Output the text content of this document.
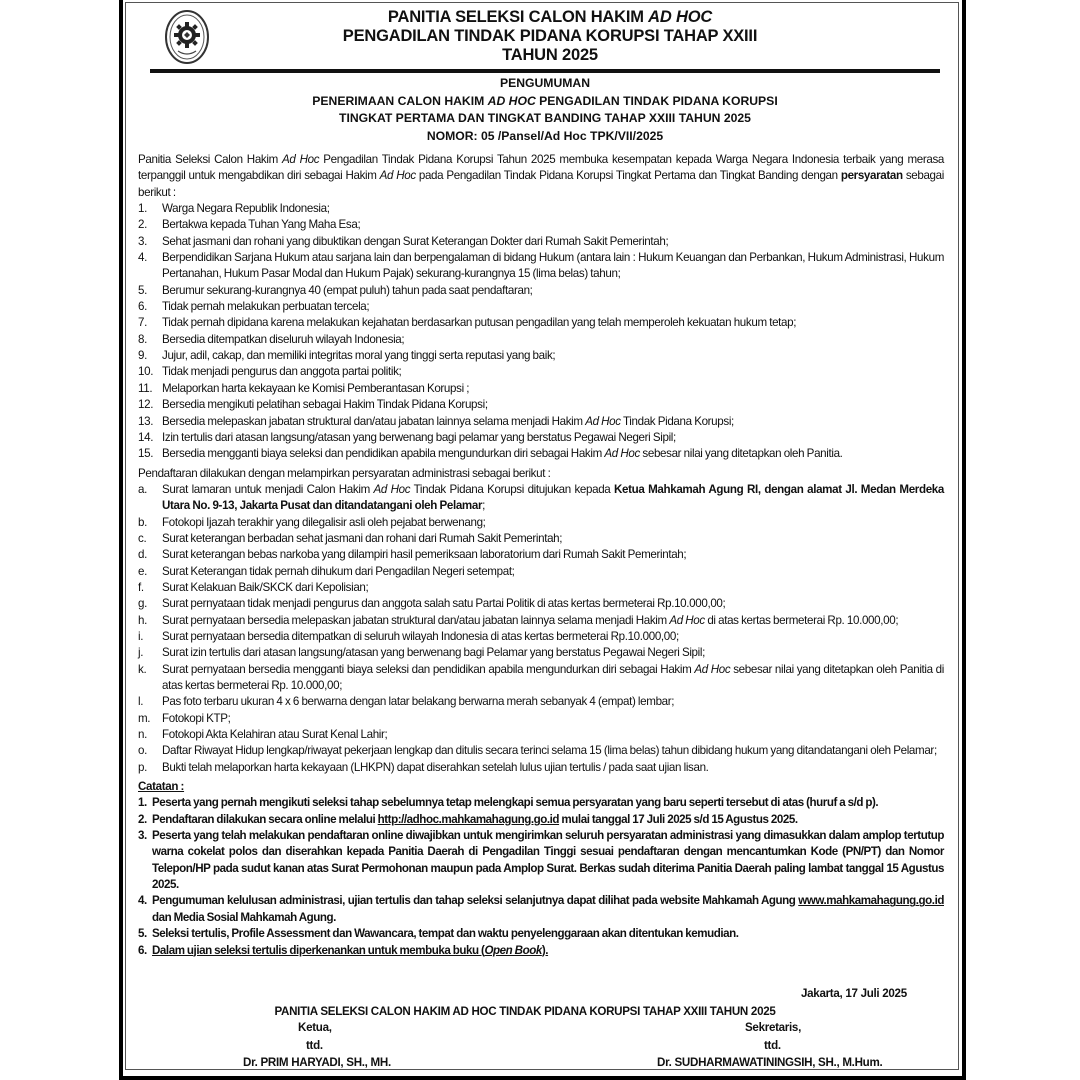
PANITIA SELEKSI CALON HAKIM AD HOC
PENGADILAN TINDAK PIDANA KORUPSI TAHAP XXIII
TAHUN 2025
PENGUMUMAN
PENERIMAAN CALON HAKIM AD HOC PENGADILAN TINDAK PIDANA KORUPSI
TINGKAT PERTAMA DAN TINGKAT BANDING TAHAP XXIII TAHUN 2025
NOMOR: 05 /Pansel/Ad Hoc TPK/VII/2025

Panitia Seleksi Calon Hakim Ad Hoc Pengadilan Tindak Pidana Korupsi Tahun 2025 membuka kesempatan kepada Warga Negara Indonesia terbaik yang merasa terpanggil untuk mengabdikan diri sebagai Hakim Ad Hoc pada Pengadilan Tindak Pidana Korupsi Tingkat Pertama dan Tingkat Banding dengan persyaratan sebagai berikut :

1.	Warga Negara Republik Indonesia;
2.	Bertakwa kepada Tuhan Yang Maha Esa;
3.	Sehat jasmani dan rohani yang dibuktikan dengan Surat Keterangan Dokter dari Rumah Sakit Pemerintah;
4.	Berpendidikan Sarjana Hukum atau sarjana lain dan berpengalaman di bidang Hukum (antara lain : Hukum Keuangan dan Perbankan, Hukum Administrasi, Hukum Pertanahan, Hukum Pasar Modal dan Hukum Pajak) sekurang-kurangnya 15 (lima belas) tahun;
5.	Berumur sekurang-kurangnya 40 (empat puluh) tahun pada saat pendaftaran;
6.	Tidak pernah melakukan perbuatan tercela;
7.	Tidak pernah dipidana karena melakukan kejahatan berdasarkan putusan pengadilan yang telah memperoleh kekuatan hukum tetap;
8.	Bersedia ditempatkan diseluruh wilayah Indonesia;
9.	Jujur, adil, cakap, dan memiliki integritas moral yang tinggi serta reputasi yang baik;
10. Tidak menjadi pengurus dan anggota partai politik;
11. Melaporkan harta kekayaan ke Komisi Pemberantasan Korupsi ;
12. Bersedia mengikuti pelatihan sebagai Hakim Tindak Pidana Korupsi;
13. Bersedia melepaskan jabatan struktural dan/atau jabatan lainnya selama menjadi Hakim Ad Hoc Tindak Pidana Korupsi;
14. Izin tertulis dari atasan langsung/atasan yang berwenang bagi pelamar yang berstatus Pegawai Negeri Sipil;
15. Bersedia mengganti biaya seleksi dan pendidikan apabila mengundurkan diri sebagai Hakim Ad Hoc sebesar nilai yang ditetapkan oleh Panitia.

Pendaftaran dilakukan dengan melampirkan persyaratan administrasi sebagai berikut :

a.	Surat lamaran untuk menjadi Calon Hakim Ad Hoc Tindak Pidana Korupsi ditujukan kepada Ketua Mahkamah Agung RI, dengan alamat Jl. Medan Merdeka Utara No. 9-13, Jakarta Pusat dan ditandatangani oleh Pelamar;
b.	Fotokopi Ijazah terakhir yang dilegalisir asli oleh pejabat berwenang;
c.	Surat keterangan berbadan sehat jasmani dan rohani dari Rumah Sakit Pemerintah;
d.	Surat keterangan bebas narkoba yang dilampiri hasil pemeriksaan laboratorium dari Rumah Sakit Pemerintah;
e.	Surat Keterangan tidak pernah dihukum dari Pengadilan Negeri setempat;
f.	Surat Kelakuan Baik/SKCK dari Kepolisian;
g.	Surat pernyataan tidak menjadi pengurus dan anggota salah satu Partai Politik di atas kertas bermeterai Rp.10.000,00;
h.	Surat pernyataan bersedia melepaskan jabatan struktural dan/atau jabatan lainnya selama menjadi Hakim Ad Hoc di atas kertas bermeterai Rp. 10.000,00;
i.	Surat pernyataan bersedia ditempatkan di seluruh wilayah Indonesia di atas kertas bermeterai Rp.10.000,00;
j.	Surat izin tertulis dari atasan langsung/atasan yang berwenang bagi Pelamar yang berstatus Pegawai Negeri Sipil;
k.	Surat pernyataan bersedia mengganti biaya seleksi dan pendidikan apabila mengundurkan diri sebagai Hakim Ad Hoc sebesar nilai yang ditetapkan oleh Panitia di atas kertas bermeterai Rp. 10.000,00;
l.	Pas foto terbaru ukuran 4 x 6 berwarna dengan latar belakang berwarna merah sebanyak 4 (empat) lembar;
m.	Fotokopi KTP;
n.	Fotokopi Akta Kelahiran atau Surat Kenal Lahir;
o.	Daftar Riwayat Hidup lengkap/riwayat pekerjaan lengkap dan ditulis secara terinci selama 15 (lima belas) tahun dibidang hukum yang ditandatangani oleh Pelamar;
p.	Bukti telah melaporkan harta kekayaan (LHKPN) dapat diserahkan setelah lulus ujian tertulis / pada saat ujian lisan.

Catatan :

1. Peserta yang pernah mengikuti seleksi tahap sebelumnya tetap melengkapi semua persyaratan yang baru seperti tersebut di atas (huruf a s/d p).
2. Pendaftaran dilakukan secara online melalui http://adhoc.mahkamahagung.go.id mulai tanggal 17 Juli 2025 s/d 15 Agustus 2025.
3. Peserta yang telah melakukan pendaftaran online diwajibkan untuk mengirimkan seluruh persyaratan administrasi yang dimasukkan dalam amplop tertutup warna cokelat polos dan diserahkan kepada Panitia Daerah di Pengadilan Tinggi sesuai pendaftaran dengan mencantumkan Kode (PN/PT) dan Nomor Telepon/HP pada sudut kanan atas Surat Permohonan maupun pada Amplop Surat. Berkas sudah diterima Panitia Daerah paling lambat tanggal 15 Agustus 2025.
4. Pengumuman kelulusan administrasi, ujian tertulis dan tahap seleksi selanjutnya dapat dilihat pada website Mahkamah Agung www.mahkamahagung.go.id dan Media Sosial Mahkamah Agung.
5. Seleksi tertulis, Profile Assessment dan Wawancara, tempat dan waktu penyelenggaraan akan ditentukan kemudian.
6. Dalam ujian seleksi tertulis diperkenankan untuk membuka buku (Open Book).
Jakarta, 17 Juli 2025
PANITIA SELEKSI CALON HAKIM AD HOC TINDAK PIDANA KORUPSI TAHAP XXIII TAHUN 2025
Ketua,
ttd.
Dr. PRIM HARYADI, SH., MH.
Sekretaris,
ttd.
Dr. SUDHARMAWATININGSIH, SH., M.Hum.
